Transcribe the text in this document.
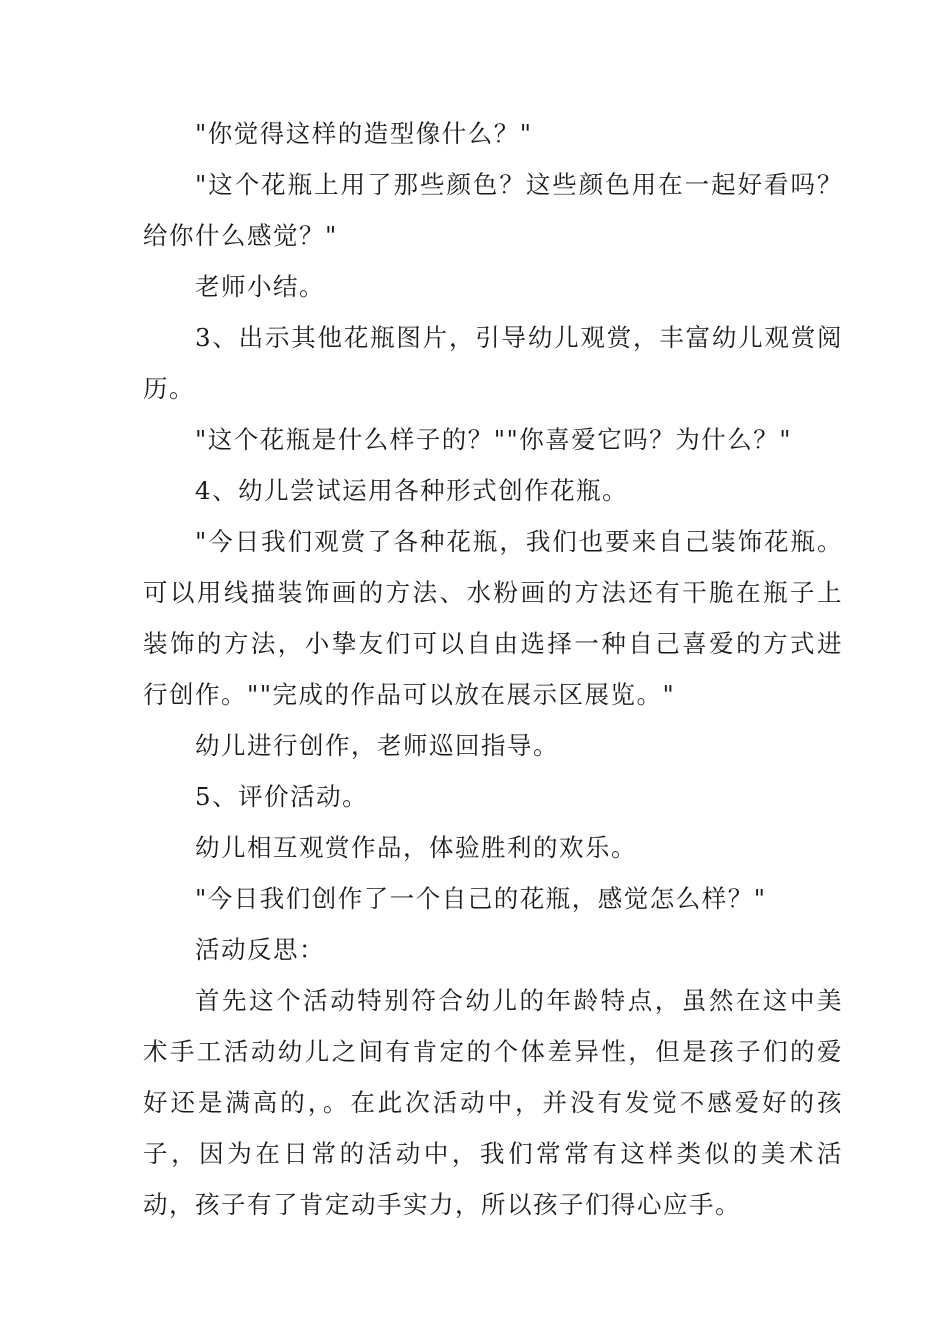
"你觉得这样的造型像什么？"

"这个花瓶上用了那些颜色？这些颜色用在一起好看吗？给你什么感觉？"

老师小结。

3、出示其他花瓶图片，引导幼儿观赏，丰富幼儿观赏阅历。

"这个花瓶是什么样子的？""你喜爱它吗？为什么？"

4、幼儿尝试运用各种形式创作花瓶。

"今日我们观赏了各种花瓶，我们也要来自己装饰花瓶。可以用线描装饰画的方法、水粉画的方法还有干脆在瓶子上装饰的方法，小挚友们可以自由选择一种自己喜爱的方式进行创作。""完成的作品可以放在展示区展览。"

幼儿进行创作，老师巡回指导。

5、评价活动。

幼儿相互观赏作品，体验胜利的欢乐。

"今日我们创作了一个自己的花瓶，感觉怎么样？"

活动反思：

首先这个活动特别符合幼儿的年龄特点，虽然在这中美术手工活动幼儿之间有肯定的个体差异性，但是孩子们的爱好还是满高的，。在此次活动中，并没有发觉不感爱好的孩子，因为在日常的活动中，我们常常有这样类似的美术活动，孩子有了肯定动手实力，所以孩子们得心应手。
